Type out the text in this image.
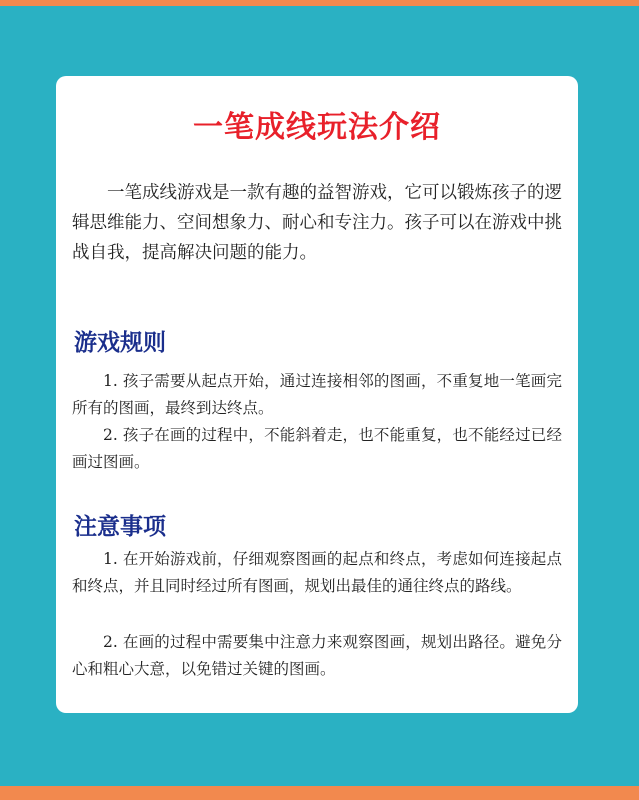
一笔成线玩法介绍

一笔成线游戏是一款有趣的益智游戏，它可以锻炼孩子的逻辑思维能力、空间想象力、耐心和专注力。孩子可以在游戏中挑战自我，提高解决问题的能力。

游戏规则

1. 孩子需要从起点开始，通过连接相邻的图画，不重复地一笔画完所有的图画，最终到达终点。

2. 孩子在画的过程中，不能斜着走，也不能重复，也不能经过已经画过图画。

注意事项

1. 在开始游戏前，仔细观察图画的起点和终点，考虑如何连接起点和终点，并且同时经过所有图画，规划出最佳的通往终点的路线。

2. 在画的过程中需要集中注意力来观察图画，规划出路径。避免分心和粗心大意，以免错过关键的图画。
